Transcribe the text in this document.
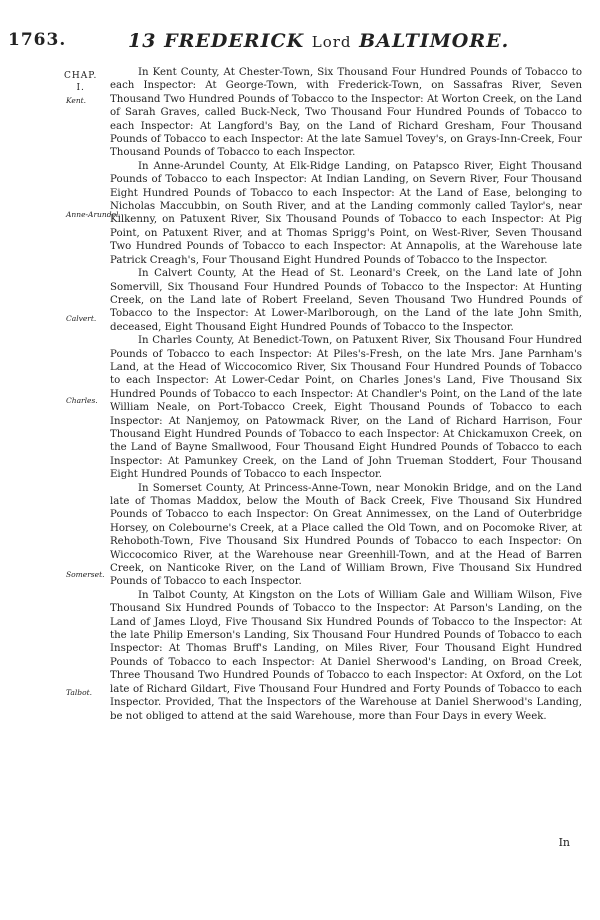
1763.	13 FREDERICK Lord BALTIMORE.
CHAP.
I.
Kent.
Anne-Arundel.
Calvert.
Charles.
Somerset.
Talbot.

In Kent County, At Chester-Town, Six Thousand Four Hundred Pounds of Tobacco to each Inspector: At George-Town, with Frederick-Town, on Sassafras River, Seven Thousand Two Hundred Pounds of Tobacco to the Inspector: At Worton Creek, on the Land of Sarah Graves, called Buck-Neck, Two Thousand Four Hundred Pounds of Tobacco to each Inspector: At Langford's Bay, on the Land of Richard Gresham, Four Thousand Pounds of Tobacco to each Inspector: At the late Samuel Tovey's, on Grays-Inn-Creek, Four Thousand Pounds of Tobacco to each Inspector.

In Anne-Arundel County, At Elk-Ridge Landing, on Patapsco River, Eight Thousand Pounds of Tobacco to each Inspector: At Indian Landing, on Severn River, Four Thousand Eight Hundred Pounds of Tobacco to each Inspector: At the Land of Ease, belonging to Nicholas Maccubbin, on South River, and at the Landing commonly called Taylor's, near Kilkenny, on Patuxent River, Six Thousand Pounds of Tobacco to each Inspector: At Pig Point, on Patuxent River, and at Thomas Sprigg's Point, on West-River, Seven Thousand Two Hundred Pounds of Tobacco to each Inspector: At Annapolis, at the Warehouse late Patrick Creagh's, Four Thousand Eight Hundred Pounds of Tobacco to the Inspector.

In Calvert County, At the Head of St. Leonard's Creek, on the Land late of John Somervill, Six Thousand Four Hundred Pounds of Tobacco to the Inspector: At Hunting Creek, on the Land late of Robert Freeland, Seven Thousand Two Hundred Pounds of Tobacco to the Inspector: At Lower-Marlborough, on the Land of the late John Smith, deceased, Eight Thousand Eight Hundred Pounds of Tobacco to the Inspector.

In Charles County, At Benedict-Town, on Patuxent River, Six Thousand Four Hundred Pounds of Tobacco to each Inspector: At Piles's-Fresh, on the late Mrs. Jane Parnham's Land, at the Head of Wiccocomico River, Six Thousand Four Hundred Pounds of Tobacco to each Inspector: At Lower-Cedar Point, on Charles Jones's Land, Five Thousand Six Hundred Pounds of Tobacco to each Inspector: At Chandler's Point, on the Land of the late William Neale, on Port-Tobacco Creek, Eight Thousand Pounds of Tobacco to each Inspector: At Nanjemoy, on Patowmack River, on the Land of Richard Harrison, Four Thousand Eight Hundred Pounds of Tobacco to each Inspector: At Chickamuxon Creek, on the Land of Bayne Smallwood, Four Thousand Eight Hundred Pounds of Tobacco to each Inspector: At Pamunkey Creek, on the Land of John Trueman Stoddert, Four Thousand Eight Hundred Pounds of Tobacco to each Inspector.

In Somerset County, At Princess-Anne-Town, near Monokin Bridge, and on the Land late of Thomas Maddox, below the Mouth of Back Creek, Five Thousand Six Hundred Pounds of Tobacco to each Inspector: On Great Annimessex, on the Land of Outerbridge Horsey, on Colebourne's Creek, at a Place called the Old Town, and on Pocomoke River, at Rehoboth-Town, Five Thousand Six Hundred Pounds of Tobacco to each Inspector: On Wiccocomico River, at the Warehouse near Greenhill-Town, and at the Head of Barren Creek, on Nanticoke River, on the Land of William Brown, Five Thousand Six Hundred Pounds of Tobacco to each Inspector.

In Talbot County, At Kingston on the Lots of William Gale and William Wilson, Five Thousand Six Hundred Pounds of Tobacco to the Inspector: At Parson's Landing, on the Land of James Lloyd, Five Thousand Six Hundred Pounds of Tobacco to the Inspector: At the late Philip Emerson's Landing, Six Thousand Four Hundred Pounds of Tobacco to each Inspector: At Thomas Bruff's Landing, on Miles River, Four Thousand Eight Hundred Pounds of Tobacco to each Inspector: At Daniel Sherwood's Landing, on Broad Creek, Three Thousand Two Hundred Pounds of Tobacco to each Inspector: At Oxford, on the Lot late of Richard Gildart, Five Thousand Four Hundred and Forty Pounds of Tobacco to each Inspector. Provided, That the Inspectors of the Warehouse at Daniel Sherwood's Landing, be not obliged to attend at the said Warehouse, more than Four Days in every Week.

In
